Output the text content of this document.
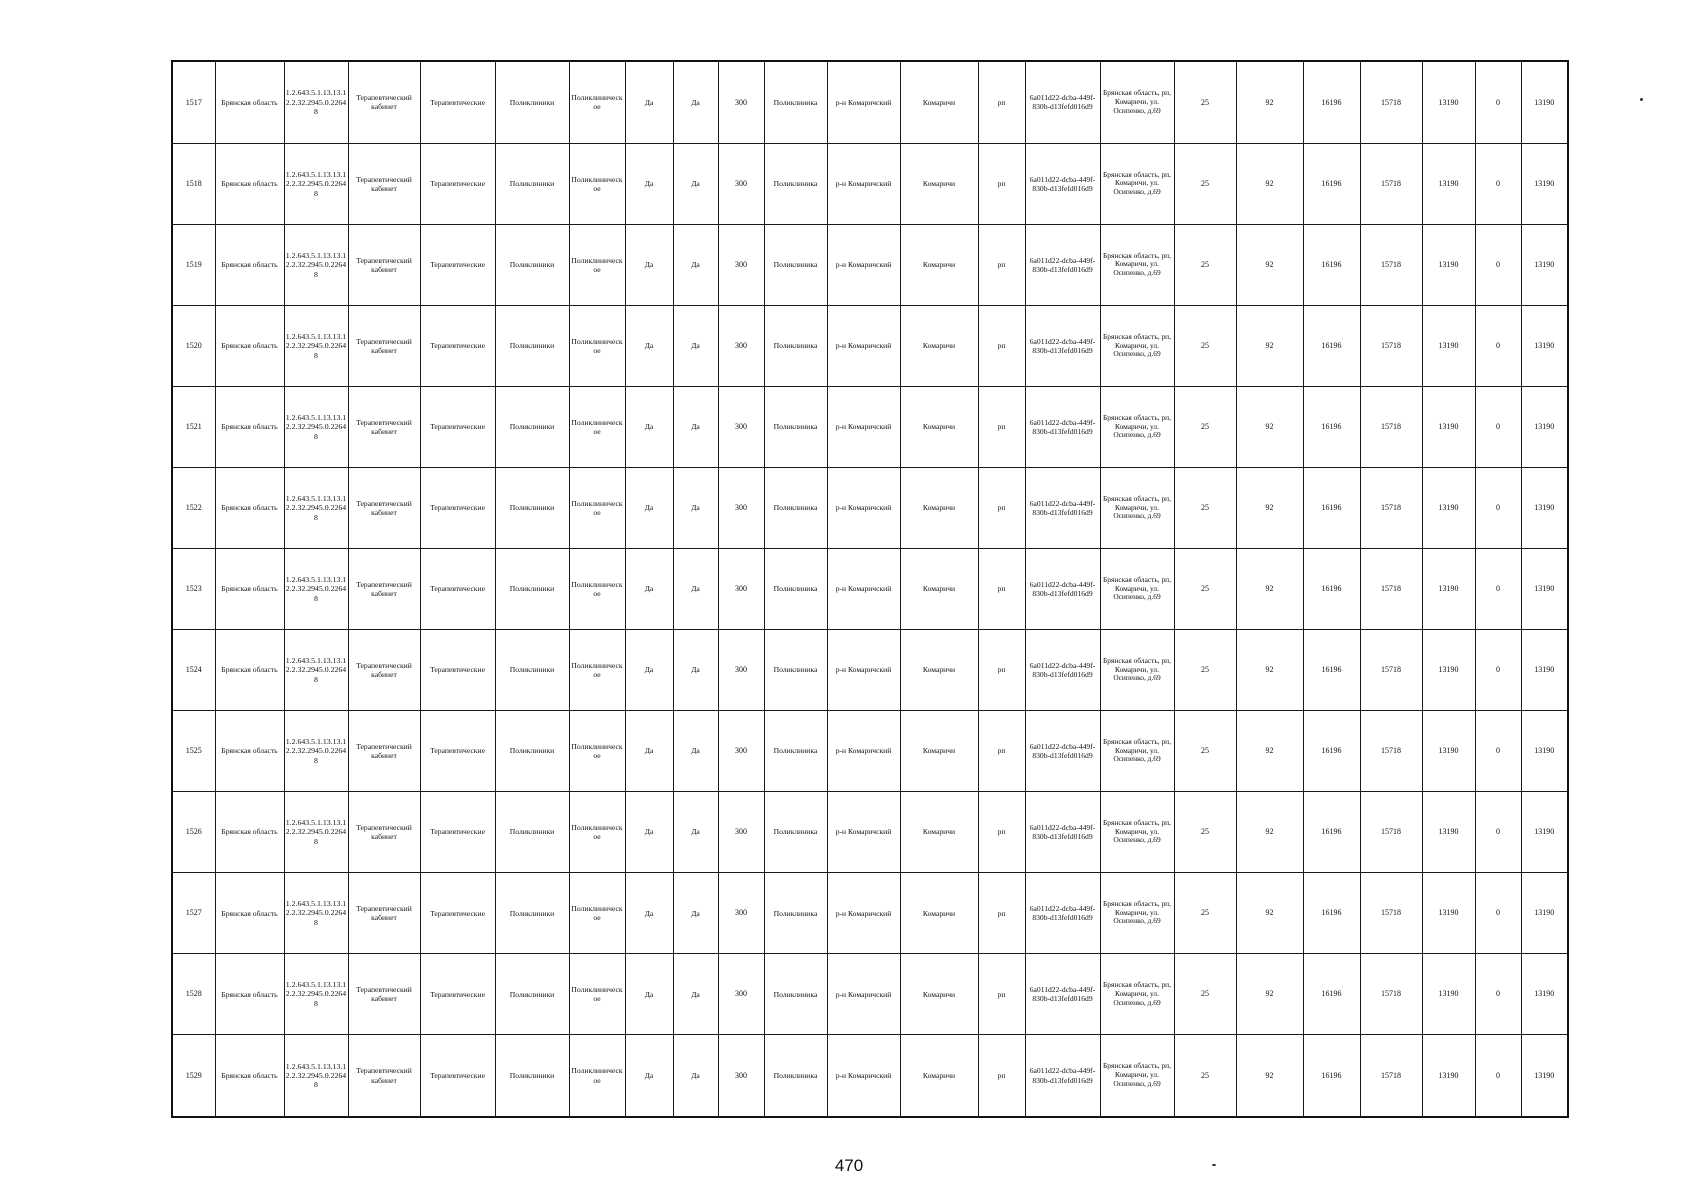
1517	Брянская область	1.2.643.5.1.13.13.12.2.32.2945.0.22648	Терапевтический кабинет	Терапевтические	Поликлиники	Поликлиническое	Да	Да	300	Поликлиника	р-н Комаричский	Комаричи	рп	6a011d22-dcba-449f-830b-d13fefd016d9	Брянская область, рп, Комаричи, ул. Осипенко, д.69	25	92	16196	15718	13190	0	13190
1518	Брянская область	1.2.643.5.1.13.13.12.2.32.2945.0.22648	Терапевтический кабинет	Терапевтические	Поликлиники	Поликлиническое	Да	Да	300	Поликлиника	р-н Комаричский	Комаричи	рп	6a011d22-dcba-449f-830b-d13fefd016d9	Брянская область, рп, Комаричи, ул. Осипенко, д.69	25	92	16196	15718	13190	0	13190
1519	Брянская область	1.2.643.5.1.13.13.12.2.32.2945.0.22648	Терапевтический кабинет	Терапевтические	Поликлиники	Поликлиническое	Да	Да	300	Поликлиника	р-н Комаричский	Комаричи	рп	6a011d22-dcba-449f-830b-d13fefd016d9	Брянская область, рп, Комаричи, ул. Осипенко, д.69	25	92	16196	15718	13190	0	13190
1520	Брянская область	1.2.643.5.1.13.13.12.2.32.2945.0.22648	Терапевтический кабинет	Терапевтические	Поликлиники	Поликлиническое	Да	Да	300	Поликлиника	р-н Комаричский	Комаричи	рп	6a011d22-dcba-449f-830b-d13fefd016d9	Брянская область, рп, Комаричи, ул. Осипенко, д.69	25	92	16196	15718	13190	0	13190
1521	Брянская область	1.2.643.5.1.13.13.12.2.32.2945.0.22648	Терапевтический кабинет	Терапевтические	Поликлиники	Поликлиническое	Да	Да	300	Поликлиника	р-н Комаричский	Комаричи	рп	6a011d22-dcba-449f-830b-d13fefd016d9	Брянская область, рп, Комаричи, ул. Осипенко, д.69	25	92	16196	15718	13190	0	13190
1522	Брянская область	1.2.643.5.1.13.13.12.2.32.2945.0.22648	Терапевтический кабинет	Терапевтические	Поликлиники	Поликлиническое	Да	Да	300	Поликлиника	р-н Комаричский	Комаричи	рп	6a011d22-dcba-449f-830b-d13fefd016d9	Брянская область, рп, Комаричи, ул. Осипенко, д.69	25	92	16196	15718	13190	0	13190
1523	Брянская область	1.2.643.5.1.13.13.12.2.32.2945.0.22648	Терапевтический кабинет	Терапевтические	Поликлиники	Поликлиническое	Да	Да	300	Поликлиника	р-н Комаричский	Комаричи	рп	6a011d22-dcba-449f-830b-d13fefd016d9	Брянская область, рп, Комаричи, ул. Осипенко, д.69	25	92	16196	15718	13190	0	13190
1524	Брянская область	1.2.643.5.1.13.13.12.2.32.2945.0.22648	Терапевтический кабинет	Терапевтические	Поликлиники	Поликлиническое	Да	Да	300	Поликлиника	р-н Комаричский	Комаричи	рп	6a011d22-dcba-449f-830b-d13fefd016d9	Брянская область, рп, Комаричи, ул. Осипенко, д.69	25	92	16196	15718	13190	0	13190
1525	Брянская область	1.2.643.5.1.13.13.12.2.32.2945.0.22648	Терапевтический кабинет	Терапевтические	Поликлиники	Поликлиническое	Да	Да	300	Поликлиника	р-н Комаричский	Комаричи	рп	6a011d22-dcba-449f-830b-d13fefd016d9	Брянская область, рп, Комаричи, ул. Осипенко, д.69	25	92	16196	15718	13190	0	13190
1526	Брянская область	1.2.643.5.1.13.13.12.2.32.2945.0.22648	Терапевтический кабинет	Терапевтические	Поликлиники	Поликлиническое	Да	Да	300	Поликлиника	р-н Комаричский	Комаричи	рп	6a011d22-dcba-449f-830b-d13fefd016d9	Брянская область, рп, Комаричи, ул. Осипенко, д.69	25	92	16196	15718	13190	0	13190
1527	Брянская область	1.2.643.5.1.13.13.12.2.32.2945.0.22648	Терапевтический кабинет	Терапевтические	Поликлиники	Поликлиническое	Да	Да	300	Поликлиника	р-н Комаричский	Комаричи	рп	6a011d22-dcba-449f-830b-d13fefd016d9	Брянская область, рп, Комаричи, ул. Осипенко, д.69	25	92	16196	15718	13190	0	13190
1528	Брянская область	1.2.643.5.1.13.13.12.2.32.2945.0.22648	Терапевтический кабинет	Терапевтические	Поликлиники	Поликлиническое	Да	Да	300	Поликлиника	р-н Комаричский	Комаричи	рп	6a011d22-dcba-449f-830b-d13fefd016d9	Брянская область, рп, Комаричи, ул. Осипенко, д.69	25	92	16196	15718	13190	0	13190
1529	Брянская область	1.2.643.5.1.13.13.12.2.32.2945.0.22648	Терапевтический кабинет	Терапевтические	Поликлиники	Поликлиническое	Да	Да	300	Поликлиника	р-н Комаричский	Комаричи	рп	6a011d22-dcba-449f-830b-d13fefd016d9	Брянская область, рп, Комаричи, ул. Осипенко, д.69	25	92	16196	15718	13190	0	13190
470
